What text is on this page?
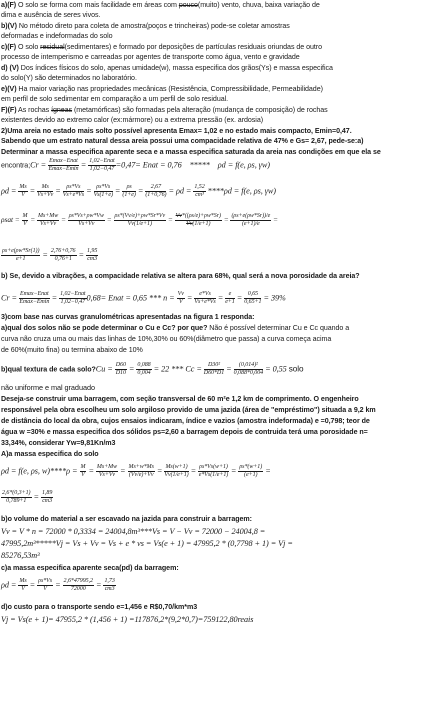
a)(F) O solo se forma com mais facilidade em áreas com pouco(muito) vento, chuva, baixa variação de
dima e ausência de seres vivos.
b)(V) No método direto para coleta de amostra(poços e trincheiras) pode-se coletar amostras
deformadas e indeformadas do solo
c)(F) O solo residual(sedimentares) e formado por deposições de partículas residuais oriundas de outro
processo de intemperismo e carreadas por agentes de transporte como água, vento e gravidade
d) (V) Dos índices físicos do solo, apenas umidade(w), massa especifica dos grãos(Ys) e massa especifica
do solo(Y) são determinados no laboratório.
e)(V) Ha maior variação nas propriedades mecânicas (Resistência, Compressibilidade, Permeabilidade)
em perfil de solo sedimentar em comparação a um perfil de solo residual.
F)(F) As rochas ígneas (metamórficas) são formadas pela alteração (mudança de composição) de rochas
existentes devido ao extremo calor (ex:mármore) ou a extrema pressão (ex. ardosia)
2)Uma areia no estado mais solto possível apresenta Emax= 1,02 e no estado mais compacto, Emin=0,47.
Sabendo que um estrato natural dessa areia possui uma compacidade relativa de 47% e Gs= 2,67, pede-se:a)
Determinar a massa especifica aparente seca e a massa especifica saturada da areia nas condições em que ela se
encontra;Cr = Emax−Enat
Emax−Emin = 1,02−Enat
1,02−0,47 =0,47= Enat = 0,76    *****    ρd = f(e, ρs, γw)
$\rho d = \frac{Ms}{V} = \frac{Ms}{Vs+Vv} = \frac{\rho s*Vs}{Vs+e*Vs} = \frac{\rho s*Vs}{Vs(1+e)} = \frac{\rho s}{(1+e)} = \frac{2,67}{(1+0,76)} = \rho d = \frac{1,52}{\text{cm³}} ****\rho d = f(e$, ρs, γw)
$\rho sat = \frac{M}{V} = \frac{Ms+Mw}{Vs+Vv} = \frac{\rho s*Vs+\rho w*Vw}{Vs+Vv} = \frac{\rho s*(Vv/e)+\rho w*Sr*Vv}{Vv(1/e+1)} = \frac{Vv*((\rho s/e)+\rho w*Sr)}{Vv(1/e+1)} = \frac{(\rho s+e(\rho w*Sr))/e}{(e+1)/e}$ =
$\frac{\rho s+e(\rho w*Sr(1))}{e+1} = \frac{2,76+0,76}{0,76+1} = \frac{1,95}{cm3}$
b) Se, devido a vibrações, a compacidade relativa se altera para 68%, qual será a nova porosidade da areia?
Cr = Emax−Enat
Emax−Emin = 1,02−Enat
1,02−0,47 0,68= Enat = 0,65 *** $n = \frac{Vv}{V} = \frac{e*Vs}{Vs+e*Vs} = \frac{e}{e+1} = \frac{0,65}{0,65+1} = 39\%$
3)com base nas curvas granulométricas apresentadas na figura 1 responda:
a)qual dos solos não se pode determinar o Cu e Cc? por que? Não é possível determinar Cu e Cc quando a
curva não cruza uma ou mais das linhas de 10%,30% ou 60%(diâmetro que passa) a curva começa acima
de 60%(muito fina) ou termina abaixo de 10%
b)qual textura de cada solo?Cu = $\frac{D60}{D10} = \frac{0,088}{0,004} = 22$ *** $Cc = \frac{\text{D30²}}{D60*D1} = \frac{\text{(0,014)²}}{0,088*0,004} = 0,55$ solo
não uniforme e mal graduado
Deseja-se construir uma barragem, com seção transversal de 60 m²e 1,2 km de comprimento. O engenheiro
responsável pela obra escolheu um solo argiloso provido de uma jazida (área de "empréstimo") situada a 9,2 km
de distância do local da obra, cujos ensaios indicaram, índice e vazios (amostra indeformada) e =0,798; teor de
água w =30% e massa especifica dos sólidos ps=2,60 a barragem depois de contruida terá uma porosidade n=
33,34%, considerar Yw=9,81Kn/m3
A)a massa especifica do solo
ρd = f(e, ρs, $w)****\rho = \frac{M}{V} = \frac{Ms+Mw}{Vs+Vv} = \frac{Ms+w*Ms}{(Vv/e)+Vv} = \frac{Ms(w+1)}{Vv(1/e+1)} = \frac{\rho s*Vs(w+1)}{e*Vs(1/e+1)} = \frac{\rho s*(w+1)}{(e+1)}$ =
$\frac{2,6*(0,3+1)}{0,789+1} = \frac{1,89}{cm3}$
b)o volume do material a ser escavado na jazida para construir a barragem:
Vv = V * n = 72000 * 0,3334 = 24004,8m³***Vs = V − Vv = 72000 − 24004,8 =
47995,2m³*****Vj = Vs + Vv = Vs + e * vs = Vs(e + 1) = 47995,2 * (0,7798 + 1) = Vj =
85276,53m³
c)a massa especifica aparente seca(pd) da barragem:
$\rho d = \frac{Ms}{V} = \frac{\rho s*Vs}{V} = \frac{2,6*47995,2}{72000} = \frac{1,73}{cm3}$
d)o custo para o transporte sendo e=1,456 e R$0,70/km*m3
Vj = Vs(e + 1)= 47955,2 * (1,456 + 1) =117876,2*(9,2*0,7)=759122,80reais
